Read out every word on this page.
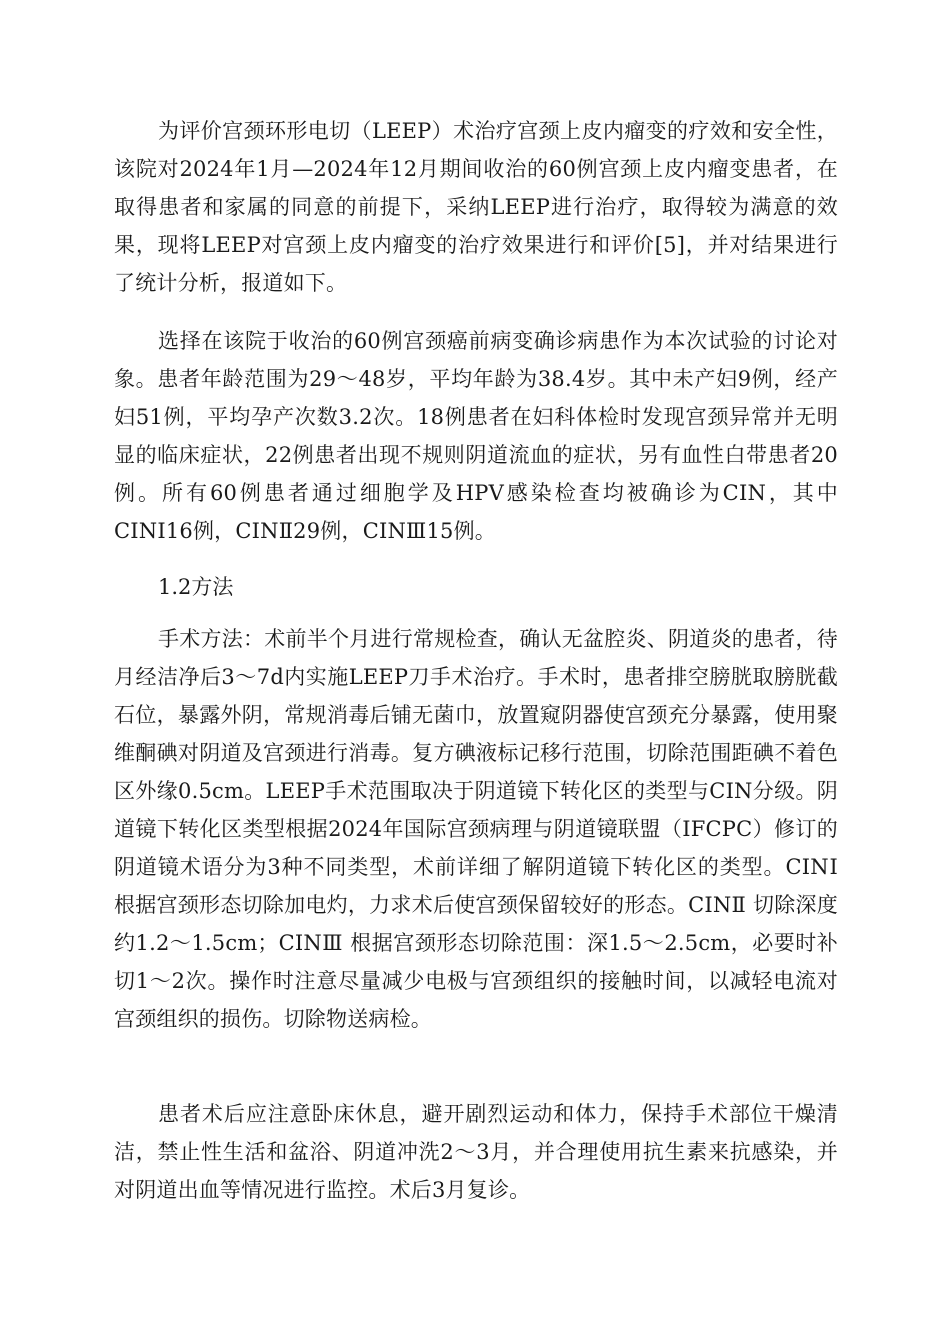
为评价宫颈环形电切（LEEP）术治疗宫颈上皮内瘤变的疗效和安全性，该院对2024年1月—2024年12月期间收治的60例宫颈上皮内瘤变患者，在取得患者和家属的同意的前提下，采纳LEEP进行治疗，取得较为满意的效果，现将LEEP对宫颈上皮内瘤变的治疗效果进行和评价[5]，并对结果进行了统计分析，报道如下。

选择在该院于收治的60例宫颈癌前病变确诊病患作为本次试验的讨论对象。患者年龄范围为29～48岁，平均年龄为38.4岁。其中未产妇9例，经产妇51例，平均孕产次数3.2次。18例患者在妇科体检时发现宫颈异常并无明显的临床症状，22例患者出现不规则阴道流血的症状，另有血性白带患者20例。所有60例患者通过细胞学及HPV感染检查均被确诊为CIN，其中CINⅠ16例，CINⅡ29例，CINⅢ15例。

1.2方法

手术方法：术前半个月进行常规检查，确认无盆腔炎、阴道炎的患者，待月经洁净后3～7d内实施LEEP刀手术治疗。手术时，患者排空膀胱取膀胱截石位，暴露外阴，常规消毒后铺无菌巾，放置窥阴器使宫颈充分暴露，使用聚维酮碘对阴道及宫颈进行消毒。复方碘液标记移行范围，切除范围距碘不着色区外缘0.5cm。LEEP手术范围取决于阴道镜下转化区的类型与CIN分级。阴道镜下转化区类型根据2024年国际宫颈病理与阴道镜联盟（IFCPC）修订的阴道镜术语分为3种不同类型，术前详细了解阴道镜下转化区的类型。CINⅠ 根据宫颈形态切除加电灼，力求术后使宫颈保留较好的形态。CINⅡ 切除深度约1.2～1.5cm；CINⅢ 根据宫颈形态切除范围：深1.5～2.5cm，必要时补切1～2次。操作时注意尽量减少电极与宫颈组织的接触时间，以减轻电流对宫颈组织的损伤。切除物送病检。

患者术后应注意卧床休息，避开剧烈运动和体力，保持手术部位干燥清洁，禁止性生活和盆浴、阴道冲洗2～3月，并合理使用抗生素来抗感染，并对阴道出血等情况进行监控。术后3月复诊。
